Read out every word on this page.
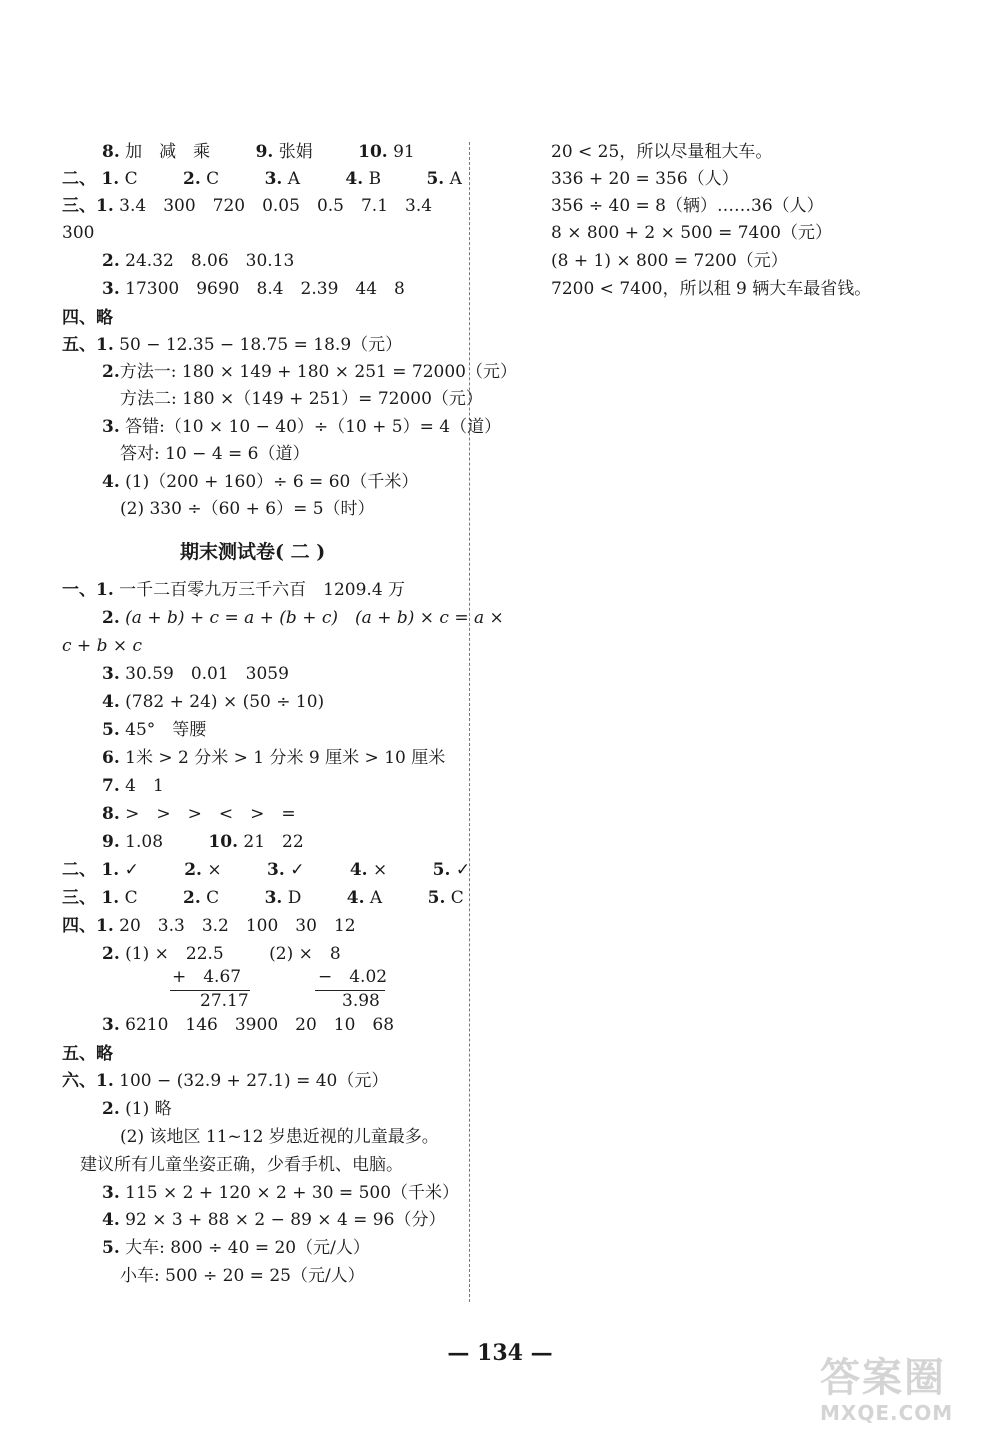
8. 加　减　乘	9. 张娟	10. 91
二、 1. C	2. C	3. A	4. B	5. A
三、1. 3.4　300　720　0.05　0.5　7.1　3.4
300
2. 24.32　8.06　30.13
3. 17300　9690　8.4　2.39　44　8
四、略
五、1. 50 − 12.35 − 18.75 = 18.9（元）
2.方法一: 180 × 149 + 180 × 251 = 72000（元）
方法二: 180 ×（149 + 251）= 72000（元）
3. 答错:（10 × 10 − 40）÷（10 + 5）= 4（道）
答对: 10 − 4 = 6（道）
4. (1)（200 + 160）÷ 6 = 60（千米）
(2) 330 ÷（60 + 6）= 5（时）
期末测试卷( 二 )
一、1. 一千二百零九万三千六百　1209.4 万
2. (a + b) + c = a + (b + c)　(a + b) × c = a ×
c + b × c
3. 30.59　0.01　3059
4. (782 + 24) × (50 ÷ 10)
5. 45°　等腰
6. 1米 > 2 分米 > 1 分米 9 厘米 > 10 厘米
7. 4　1
8. >　>　>　<　>　=
9. 1.08	10. 21　22
二、 1. ✓	2. ×	3. ✓	4. ×	5. ✓
三、 1. C	2. C	3. D	4. A	5. C
四、1. 20　3.3　3.2　100　30　12
2. (1) ×　22.5	(2) ×　8
+　4.67	−　4.02
27.17	3.98
3. 6210　146　3900　20　10　68
五、略
六、1. 100 − (32.9 + 27.1) = 40（元）
2. (1) 略
(2) 该地区 11~12 岁患近视的儿童最多。
建议所有儿童坐姿正确，少看手机、电脑。
3. 115 × 2 + 120 × 2 + 30 = 500（千米）
4. 92 × 3 + 88 × 2 − 89 × 4 = 96（分）
5. 大车: 800 ÷ 40 = 20（元/人）
小车: 500 ÷ 20 = 25（元/人）
20 < 25，所以尽量租大车。
336 + 20 = 356（人）
356 ÷ 40 = 8（辆）……36（人）
8 × 800 + 2 × 500 = 7400（元）
(8 + 1) × 800 = 7200（元）
7200 < 7400，所以租 9 辆大车最省钱。
— 134 —
答案圈
MXQE.COM
